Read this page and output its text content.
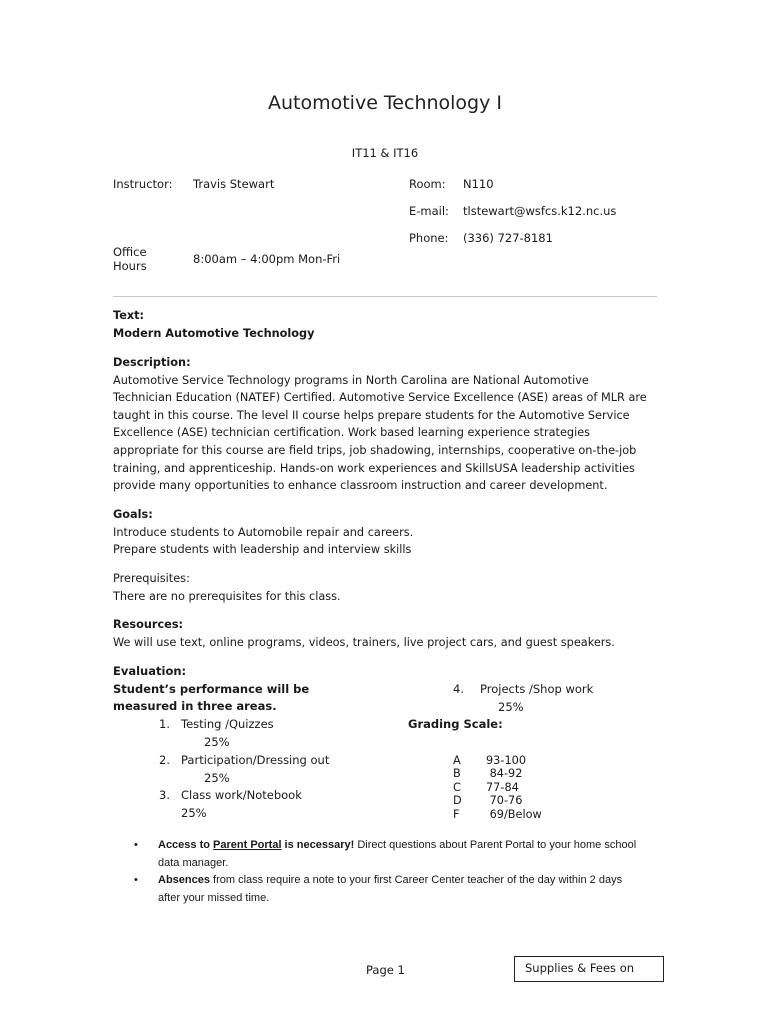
Automotive Technology I
IT11 & IT16
Instructor: Travis Stewart	Room: N110
E-mail: tlstewart@wsfcs.k12.nc.us
Phone: (336) 727-8181
Office
Hours	8:00am – 4:00pm Mon-Fri
Text:
Modern Automotive Technology
Description:
Automotive Service Technology programs in North Carolina are National Automotive
Technician Education (NATEF) Certified. Automotive Service Excellence (ASE) areas of MLR are
taught in this course. The level II course helps prepare students for the Automotive Service
Excellence (ASE) technician certification. Work based learning experience strategies
appropriate for this course are field trips, job shadowing, internships, cooperative on-the-job
training, and apprenticeship. Hands-on work experiences and SkillsUSA leadership activities
provide many opportunities to enhance classroom instruction and career development.
Goals:
Introduce students to Automobile repair and careers.
Prepare students with leadership and interview skills
Prerequisites:
There are no prerequisites for this class.
Resources:
We will use text, online programs, videos, trainers, live project cars, and guest speakers.
Evaluation:
Student’s performance will be
measured in three areas.
1. Testing /Quizzes
25%
2. Participation/Dressing out
25%
3. Class work/Notebook
25%
4. Projects /Shop work
25%
Grading Scale:
A	93-100
B	84-92
C	77-84
D	70-76
F	69/Below
• Access to Parent Portal is necessary! Direct questions about Parent Portal to your home school
data manager.
• Absences from class require a note to your first Career Center teacher of the day within 2 days
after your missed time.
Page 1	Supplies & Fees on
